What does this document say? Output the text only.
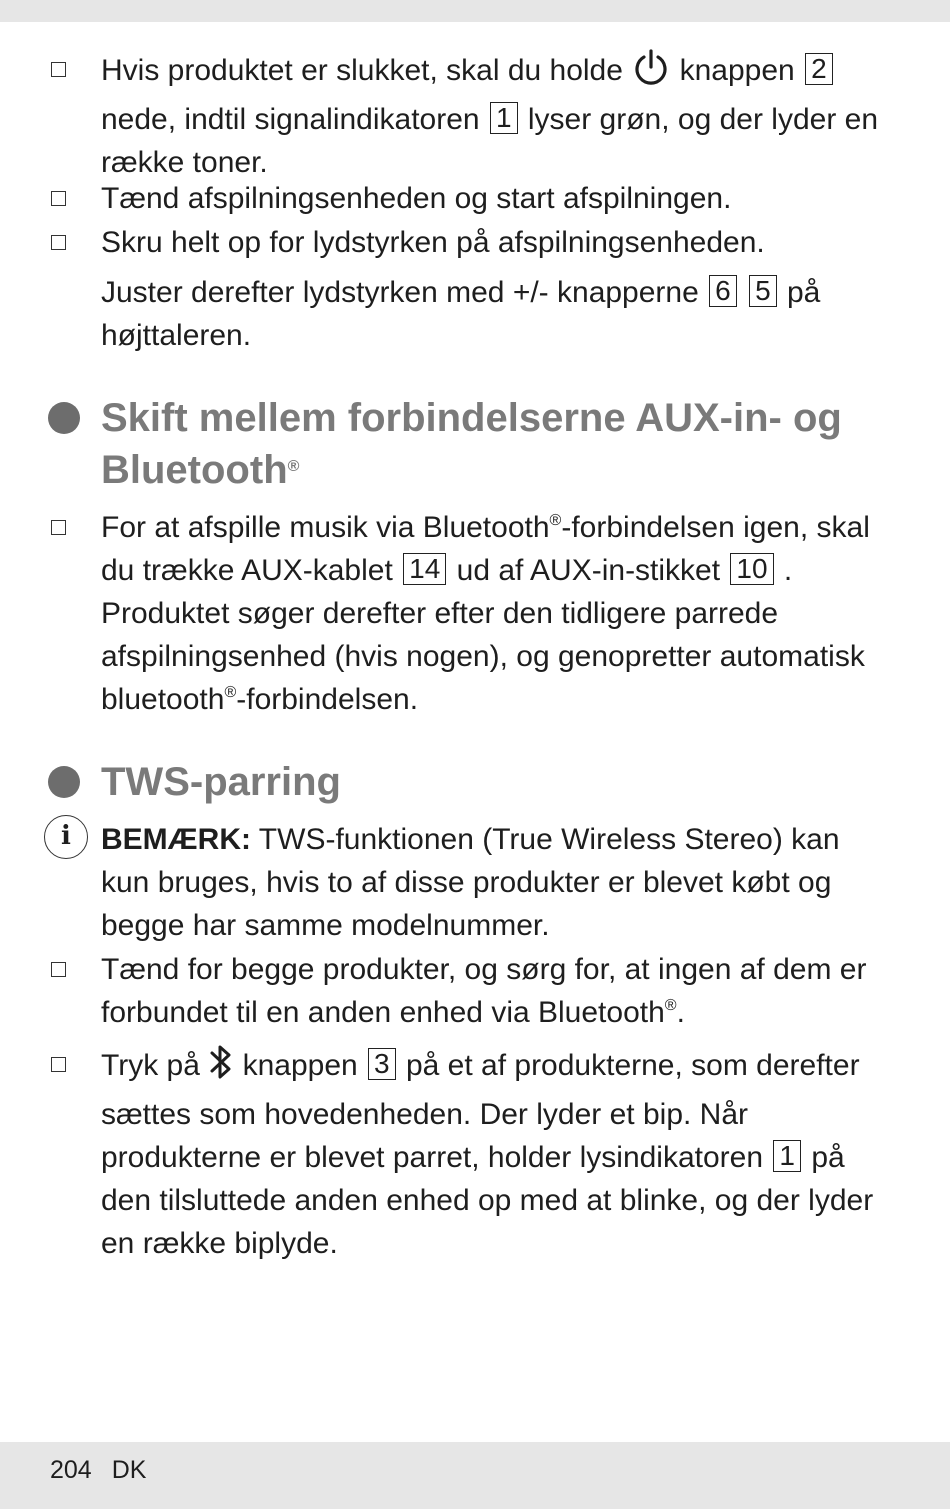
Hvis produktet er slukket, skal du holde knappen 2 nede, indtil signalindikatoren 1 lyser grøn, og der lyder en række toner.
Tænd afspilningsenheden og start afspilningen.
Skru helt op for lydstyrken på afspilningsenheden.
Juster derefter lydstyrken med +/- knapperne 6 5 på højttaleren.
Skift mellem forbindelserne AUX-in- og Bluetooth®
For at afspille musik via Bluetooth®-forbindelsen igen, skal du trække AUX-kablet 14 ud af AUX-in-stikket 10 . Produktet søger derefter efter den tidligere parrede afspilningsenhed (hvis nogen), og genopretter automatisk bluetooth®-forbindelsen.
TWS-parring
i	BEMÆRK: TWS-funktionen (True Wireless Stereo) kan kun bruges, hvis to af disse produkter er blevet købt og begge har samme modelnummer.
Tænd for begge produkter, og sørg for, at ingen af dem er forbundet til en anden enhed via Bluetooth®.
Tryk på knappen 3 på et af produkterne, som derefter sættes som hovedenheden. Der lyder et bip. Når produkterne er blevet parret, holder lysindikatoren 1 på den tilsluttede anden enhed op med at blinke, og der lyder en række biplyde.
204 DK
